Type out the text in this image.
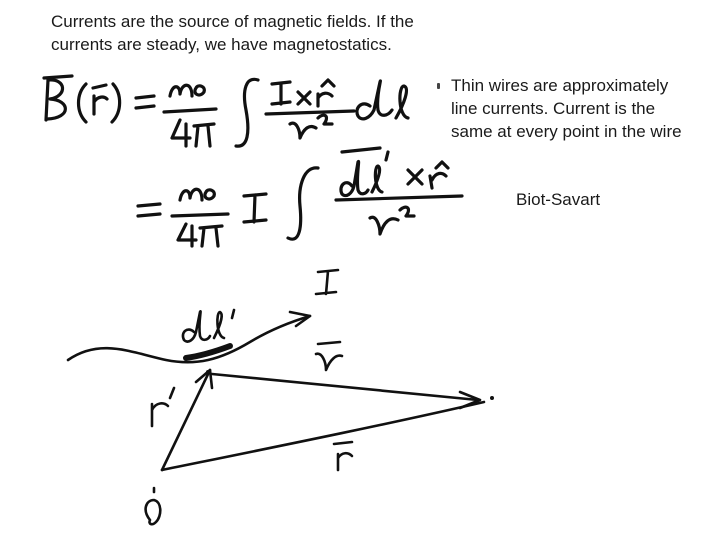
Currents are the source of magnetic fields. If the
currents are steady, we have magnetostatics.

Thin wires are approximately
line currents. Current is the
same at every point in the wire

Biot-Savart
